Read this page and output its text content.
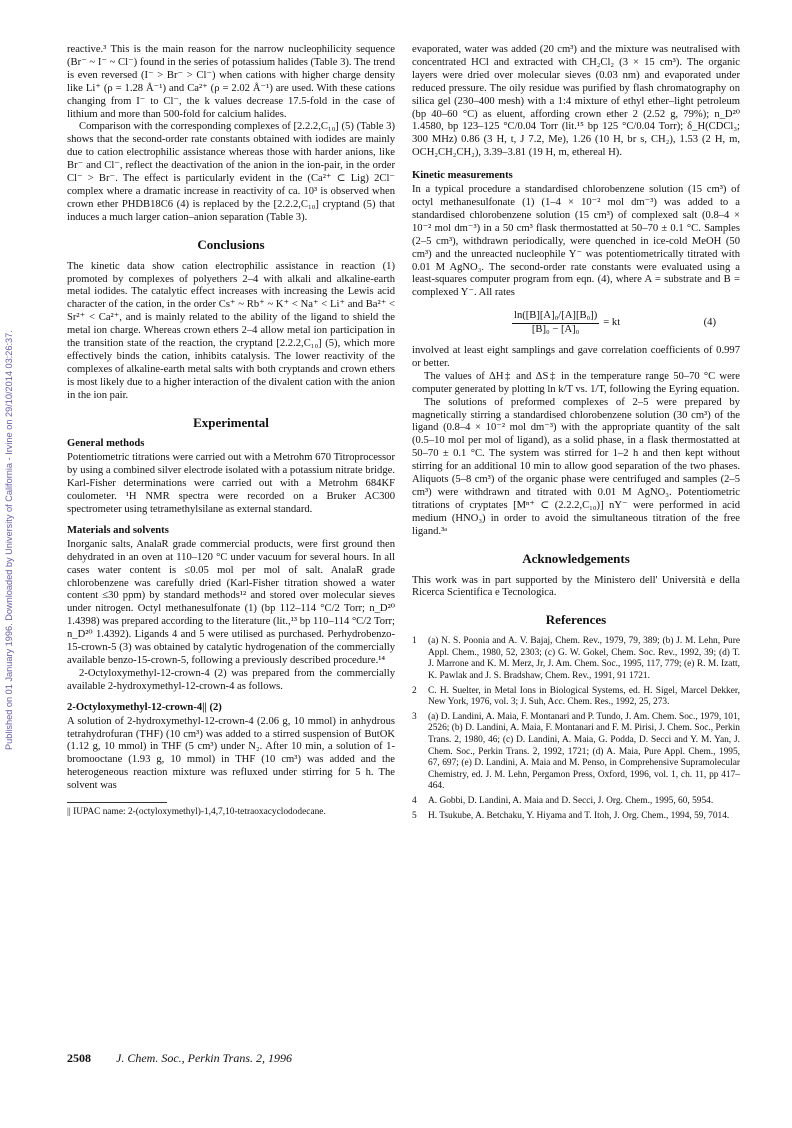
Published on 01 January 1996. Downloaded by University of California - Irvine on 29/10/2014 03:26:37.

reactive.³ This is the main reason for the narrow nucleophilicity sequence (Br⁻ ~ I⁻ ~ Cl⁻) found in the series of potassium halides (Table 3). The trend is even reversed (I⁻ > Br⁻ > Cl⁻) when cations with higher charge density like Li⁺ (ρ = 1.28 Å⁻¹) and Ca²⁺ (ρ = 2.02 Å⁻¹) are used. With these cations changing from I⁻ to Cl⁻, the k values decrease 17.5-fold in the case of lithium and more than 500-fold for calcium halides.

Comparison with the corresponding complexes of [2.2.2,C₁₀] (5) (Table 3) shows that the second-order rate constants obtained with iodides are mainly due to cation electrophilic assistance whereas those with harder anions, like Br⁻ and Cl⁻, reflect the deactivation of the anion in the ion-pair, in the order Cl⁻ > Br⁻. The effect is particularly evident in the (Ca²⁺ ⊂ Lig) 2Cl⁻ complex where a dramatic increase in reactivity of ca. 10³ is observed when crown ether PHDB18C6 (4) is replaced by the [2.2.2,C₁₀] cryptand (5) that induces a much larger cation–anion separation (Table 3).

Conclusions

The kinetic data show cation electrophilic assistance in reaction (1) promoted by complexes of polyethers 2–4 with alkali and alkaline-earth metal iodides. The catalytic effect increases with increasing the Lewis acid character of the cation, in the order Cs⁺ ~ Rb⁺ ~ K⁺ < Na⁺ < Li⁺ and Ba²⁺ < Sr²⁺ < Ca²⁺, and is mainly related to the ability of the ligand to shield the metal ion charge. Whereas crown ethers 2–4 allow metal ion participation in the transition state of the reaction, the cryptand [2.2.2,C₁₀] (5), which more effectively binds the cation, inhibits catalysis. The lower reactivity of the complexes of alkaline-earth metal salts with both cryptands and crown ethers is most likely due to a higher interaction of the divalent cation with the anion in the ion pair.

Experimental
General methods

Potentiometric titrations were carried out with a Metrohm 670 Titroprocessor by using a combined silver electrode isolated with a potassium nitrate bridge. Karl-Fisher determinations were carried out with a Metrohm 684KF coulometer. ¹H NMR spectra were recorded on a Bruker AC300 spectrometer using tetramethylsilane as external standard.

Materials and solvents

Inorganic salts, AnalaR grade commercial products, were first ground then dehydrated in an oven at 110–120 °C under vacuum for several hours. In all cases water content is ≤0.05 mol per mol of salt. AnalaR grade chlorobenzene was carefully dried (Karl-Fisher titration showed a water content ≤30 ppm) by standard methods¹² and stored over molecular sieves under nitrogen. Octyl methanesulfonate (1) (bp 112–114 °C/2 Torr; n_D²⁰ 1.4398) was prepared according to the literature (lit.,¹³ bp 110–114 °C/2 Torr; n_D²⁰ 1.4392). Ligands 4 and 5 were utilised as purchased. Perhydrobenzo-15-crown-5 (3) was obtained by catalytic hydrogenation of the commercially available benzo-15-crown-5, following a previously described procedure.¹⁴

2-Octyloxymethyl-12-crown-4 (2) was prepared from the commercially available 2-hydroxymethyl-12-crown-4 as follows.

2-Octyloxymethyl-12-crown-4|| (2)

A solution of 2-hydroxymethyl-12-crown-4 (2.06 g, 10 mmol) in anhydrous tetrahydrofuran (THF) (10 cm³) was added to a stirred suspension of ButOK (1.12 g, 10 mmol) in THF (5 cm³) under N₂. After 10 min, a solution of 1-bromooctane (1.93 g, 10 mmol) in THF (10 cm³) was added and the heterogeneous reaction mixture was refluxed under stirring for 5 h. The solvent was

|| IUPAC name: 2-(octyloxymethyl)-1,4,7,10-tetraoxacyclododecane.

evaporated, water was added (20 cm³) and the mixture was neutralised with concentrated HCl and extracted with CH₂Cl₂ (3 × 15 cm³). The organic layers were dried over molecular sieves (0.03 nm) and evaporated under reduced pressure. The oily residue was purified by flash chromatography on silica gel (230–400 mesh) with a 1:4 mixture of ethyl ether–light petroleum (bp 40–60 °C) as eluent, affording crown ether 2 (2.52 g, 79%); n_D²⁰ 1.4580, bp 123–125 °C/0.04 Torr (lit.¹⁵ bp 125 °C/0.04 Torr); δ_H(CDCl₃; 300 MHz) 0.86 (3 H, t, J 7.2, Me), 1.26 (10 H, br s, CH₂), 1.53 (2 H, m, OCH₂CH₂CH₂), 3.39–3.81 (19 H, m, ethereal H).

Kinetic measurements

In a typical procedure a standardised chlorobenzene solution (15 cm³) of octyl methanesulfonate (1) (1–4 × 10⁻² mol dm⁻³) was added to a standardised chlorobenzene solution (15 cm³) of complexed salt (0.8–4 × 10⁻² mol dm⁻³) in a 50 cm³ flask thermostatted at 50–70 ± 0.1 °C. Samples (2–5 cm³), withdrawn periodically, were quenched in ice-cold MeOH (50 cm³) and the unreacted nucleophile Y⁻ was potentiometrically titrated with 0.01 M AgNO₃. The second-order rate constants were evaluated using a least-squares computer program from eqn. (4), where A = substrate and B = complexed Y⁻. All rates

$\frac{\text{ln([B][A]₀/[A][B₀])}}{\text{[B]₀ − [A]₀}}$ = kt	(4)

involved at least eight samplings and gave correlation coefficients of 0.997 or better.

The values of ΔH‡ and ΔS‡ in the temperature range 50–70 °C were computer generated by plotting ln k/T vs. 1/T, following the Eyring equation.

The solutions of preformed complexes of 2–5 were prepared by magnetically stirring a standardised chlorobenzene solution (30 cm³) of the ligand (0.8–4 × 10⁻² mol dm⁻³) with the appropriate quantity of the salt (0.5–10 mol per mol of ligand), as a solid phase, in a flask thermostatted at 50–70 ± 0.1 °C. The system was stirred for 1–2 h and then kept without stirring for an additional 10 min to allow good separation of the two phases. Aliquots (5–8 cm³) of the organic phase were centrifuged and samples (2–5 cm³) were withdrawn and titrated with 0.01 M AgNO₃. Potentiometric titrations of cryptates [Mⁿ⁺ ⊂ (2.2.2,C₁₀)] nY⁻ were performed in acid medium (HNO₃) in order to avoid the simultaneous titration of the free ligand.³ᵃ

Acknowledgements

This work was in part supported by the Ministero dell' Università e della Ricerca Scientifica e Tecnologica.

References
1 (a) N. S. Poonia and A. V. Bajaj, Chem. Rev., 1979, 79, 389; (b) J. M. Lehn, Pure Appl. Chem., 1980, 52, 2303; (c) G. W. Gokel, Chem. Soc. Rev., 1992, 39; (d) T. J. Marrone and K. M. Merz, Jr, J. Am. Chem. Soc., 1995, 117, 779; (e) R. M. Izatt, K. Pawlak and J. S. Bradshaw, Chem. Rev., 1991, 91 1721.
2 C. H. Suelter, in Metal Ions in Biological Systems, ed. H. Sigel, Marcel Dekker, New York, 1976, vol. 3; J. Suh, Acc. Chem. Res., 1992, 25, 273.
3 (a) D. Landini, A. Maia, F. Montanari and P. Tundo, J. Am. Chem. Soc., 1979, 101, 2526; (b) D. Landini, A. Maia, F. Montanari and F. M. Pirisi, J. Chem. Soc., Perkin Trans. 2, 1980, 46; (c) D. Landini, A. Maia, G. Podda, D. Secci and Y. M. Yan, J. Chem. Soc., Perkin Trans. 2, 1992, 1721; (d) A. Maia, Pure Appl. Chem., 1995, 67, 697; (e) D. Landini, A. Maia and M. Penso, in Comprehensive Supramolecular Chemistry, ed. J. M. Lehn, Pergamon Press, Oxford, 1996, vol. 1, ch. 11, pp 417–464.
4 A. Gobbi, D. Landini, A. Maia and D. Secci, J. Org. Chem., 1995, 60, 5954.
5 H. Tsukube, A. Betchaku, Y. Hiyama and T. Itoh, J. Org. Chem., 1994, 59, 7014.
2508 J. Chem. Soc., Perkin Trans. 2, 1996
